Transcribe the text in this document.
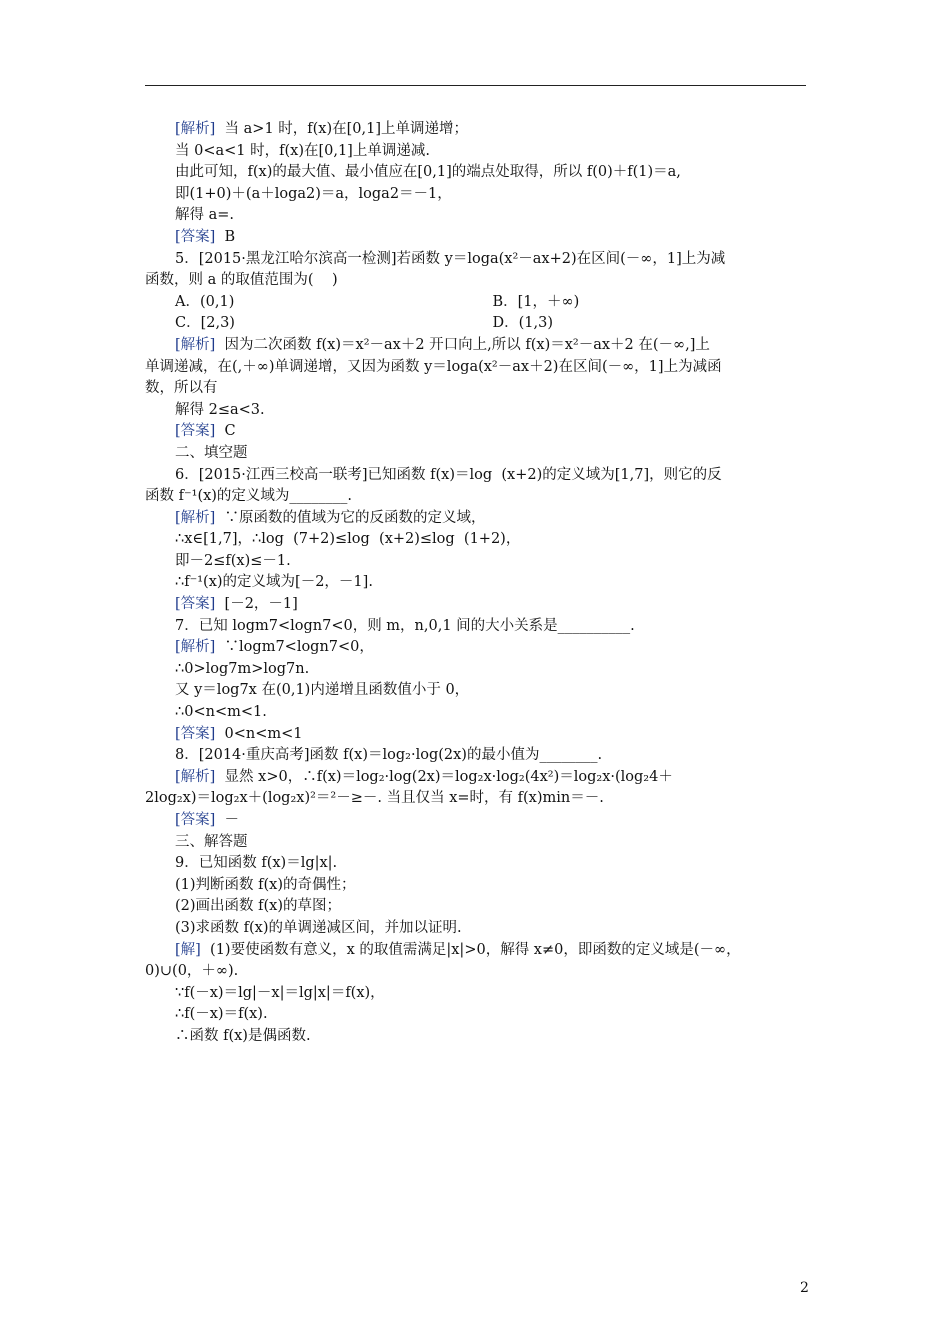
[解析]  当 a>1 时，f(x)在[0,1]上单调递增；
当 0<a<1 时，f(x)在[0,1]上单调递减.
由此可知，f(x)的最大值、最小值应在[0,1]的端点处取得，所以 f(0)＋f(1)＝a,
即(1+0)＋(a＋loga2)＝a，loga2＝－1，
解得 a=.
[答案]  B
5．[2015·黑龙江哈尔滨高一检测]若函数 y＝loga(x²－ax+2)在区间(－∞，1]上为减
函数，则 a 的取值范围为(    )
A．(0,1)	B．[1，＋∞)
C．[2,3)	D．(1,3)
[解析]  因为二次函数 f(x)＝x²－ax＋2 开口向上,所以 f(x)＝x²－ax＋2 在(－∞,]上
单调递减，在(,＋∞)单调递增，又因为函数 y＝loga(x²－ax＋2)在区间(－∞，1]上为减函
数，所以有
解得 2≤a<3.
[答案]  C
二、填空题
6．[2015·江西三校高一联考]已知函数 f(x)＝log  (x+2)的定义域为[1,7]，则它的反
函数 f⁻¹(x)的定义域为________.
[解析]  ∵原函数的值域为它的反函数的定义域，
∴x∈[1,7]，∴log  (7+2)≤log  (x+2)≤log  (1+2)，
即－2≤f(x)≤－1.
∴f⁻¹(x)的定义域为[－2，－1].
[答案]  [－2，－1]
7．已知 logm7<logn7<0，则 m，n,0,1 间的大小关系是__________.
[解析]  ∵logm7<logn7<0，
∴0>log7m>log7n.
又 y＝log7x 在(0,1)内递增且函数值小于 0，
∴0<n<m<1.
[答案]  0<n<m<1
8．[2014·重庆高考]函数 f(x)＝log₂·log(2x)的最小值为________.
[解析]  显然 x>0，∴f(x)＝log₂·log(2x)＝log₂x·log₂(4x²)＝log₂x·(log₂4＋
2log₂x)＝log₂x＋(log₂x)²＝²－≥－. 当且仅当 x=时，有 f(x)min＝－.
[答案]  －
三、解答题
9．已知函数 f(x)＝lg|x|.
(1)判断函数 f(x)的奇偶性；
(2)画出函数 f(x)的草图；
(3)求函数 f(x)的单调递减区间，并加以证明.
[解]  (1)要使函数有意义，x 的取值需满足|x|>0，解得 x≠0，即函数的定义域是(－∞，
0)∪(0，＋∞).
∵f(－x)＝lg|－x|＝lg|x|＝f(x)，
∴f(－x)＝f(x).
∴函数 f(x)是偶函数.
2
